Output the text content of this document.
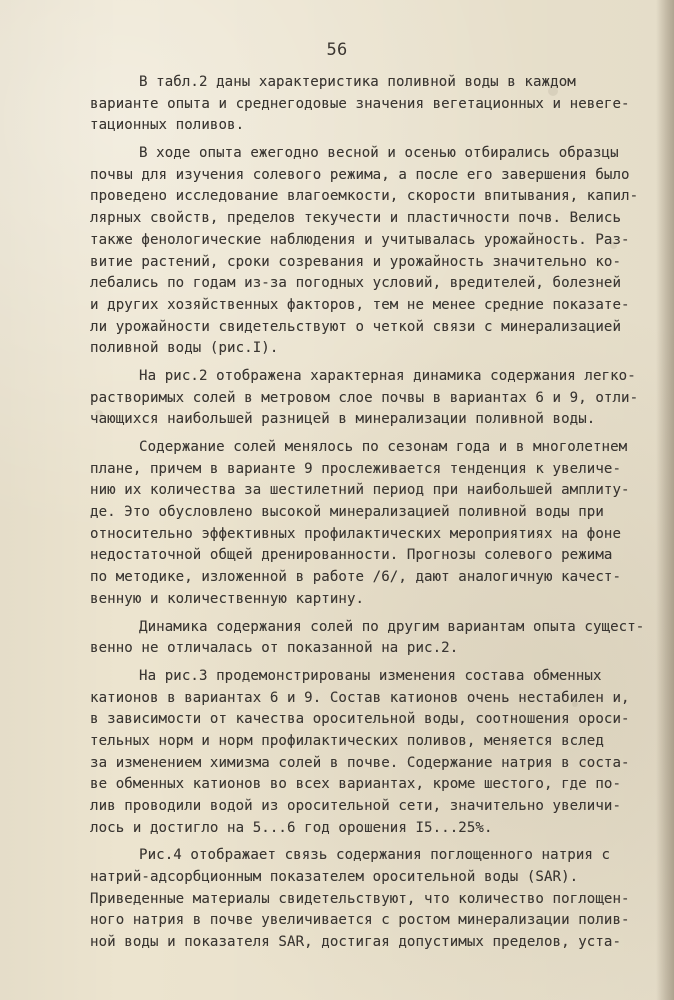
56
В табл.2 даны характеристика поливной воды в каждом
варианте опыта и среднегодовые значения вегетационных и невеге-
тационных поливов.
В ходе опыта ежегодно весной и осенью отбирались образцы
почвы для изучения солевого режима, а после его завершения было
проведено исследование влагоемкости, скорости впитывания, капил-
лярных свойств, пределов текучести и пластичности почв. Велись
также фенологические наблюдения и учитывалась урожайность. Раз-
витие растений, сроки созревания и урожайность значительно ко-
лебались по годам из-за погодных условий, вредителей, болезней
и других хозяйственных факторов, тем не менее средние показате-
ли урожайности свидетельствуют о четкой связи с минерализацией
поливной воды (рис.I).
На рис.2 отображена характерная динамика содержания легко-
растворимых солей в метровом слое почвы в вариантах 6 и 9, отли-
чающихся наибольшей разницей в минерализации поливной воды.
Содержание солей менялось по сезонам года и в многолетнем
плане, причем в варианте 9 прослеживается тенденция к увеличе-
нию их количества за шестилетний период при наибольшей амплиту-
де. Это обусловлено высокой минерализацией поливной воды при
относительно эффективных профилактических мероприятиях на фоне
недостаточной общей дренированности. Прогнозы солевого режима
по методике, изложенной в работе /6/, дают аналогичную качест-
венную и количественную картину.
Динамика содержания солей по другим вариантам опыта сущест-
венно не отличалась от показанной на рис.2.
На рис.3 продемонстрированы изменения состава обменных
катионов в вариантах 6 и 9. Состав катионов очень нестабилен и,
в зависимости от качества оросительной воды, соотношения ороси-
тельных норм и норм профилактических поливов, меняется вслед
за изменением химизма солей в почве. Содержание натрия в соста-
ве обменных катионов во всех вариантах, кроме шестого, где по-
лив проводили водой из оросительной сети, значительно увеличи-
лось и достигло на 5...6 год орошения I5...25%.
Рис.4 отображает связь содержания поглощенного натрия с
натрий-адсорбционным показателем оросительной воды (SAR).
Приведенные материалы свидетельствуют, что количество поглощен-
ного натрия в почве увеличивается с ростом минерализации полив-
ной воды и показателя SAR, достигая допустимых пределов, уста-
